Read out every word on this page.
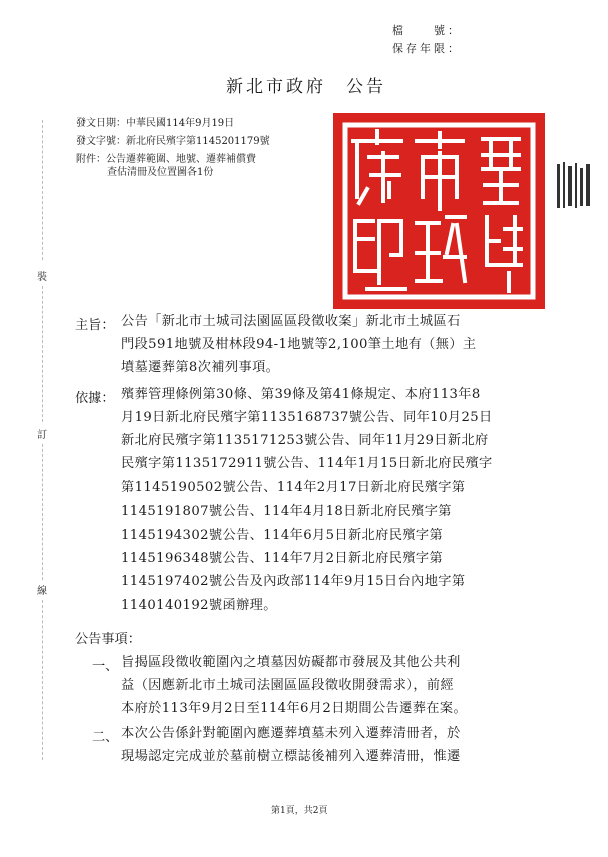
檔　　號：
保存年限：
新北市政府　公告
發文日期：中華民國114年9月19日
發文字號：新北府民殯字第1145201179號
附件：公告遷葬範圍、地號、遷葬補償費
查估清冊及位置圖各1份
裝
訂
線
主旨： 公告「新北市土城司法園區區段徵收案」新北市土城區石
門段591地號及柑林段94-1地號等2,100筆土地有（無）主
墳墓遷葬第8次補列事項。
依據： 殯葬管理條例第30條、第39條及第41條規定、本府113年8
月19日新北府民殯字第1135168737號公告、同年10月25日
新北府民殯字第1135171253號公告、同年11月29日新北府
民殯字第1135172911號公告、114年1月15日新北府民殯字
第1145190502號公告、114年2月17日新北府民殯字第
1145191807號公告、114年4月18日新北府民殯字第
1145194302號公告、114年6月5日新北府民殯字第
1145196348號公告、114年7月2日新北府民殯字第
1145197402號公告及內政部114年9月15日台內地字第
1140140192號函辦理。
公告事項：
一、 旨揭區段徵收範圍內之墳墓因妨礙都市發展及其他公共利
益（因應新北市土城司法園區區段徵收開發需求），前經
本府於113年9月2日至114年6月2日期間公告遷葬在案。
二、 本次公告係針對範圍內應遷葬墳墓未列入遷葬清冊者，於
現場認定完成並於墓前樹立標誌後補列入遷葬清冊，惟遷
第1頁，共2頁
